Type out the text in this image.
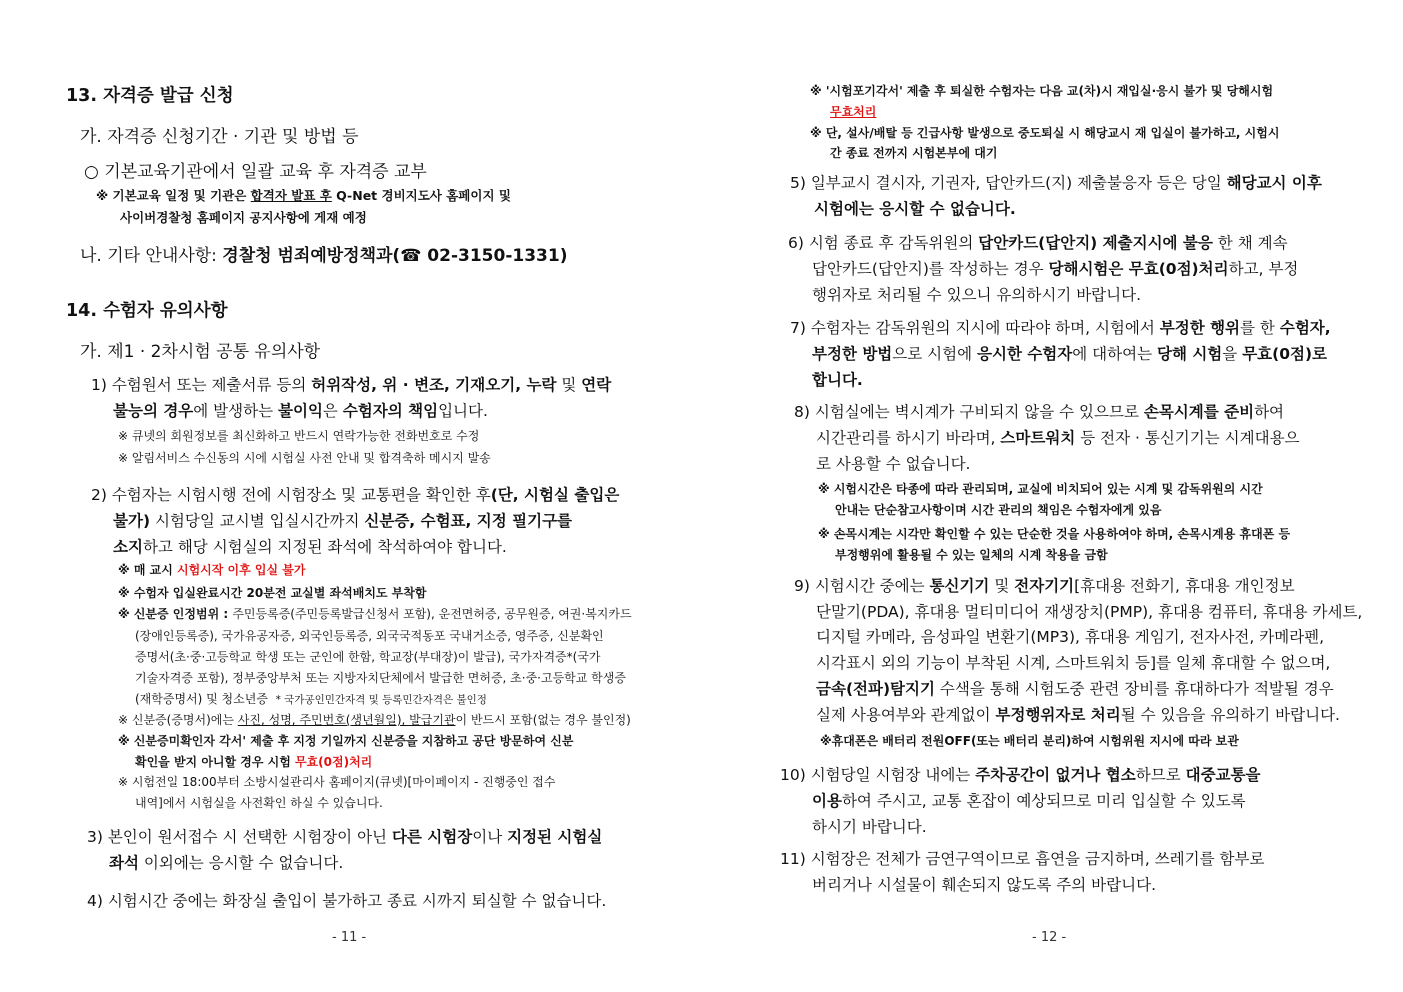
13. 자격증 발급 신청
가. 자격증 신청기간 · 기관 및 방법 등
○ 기본교육기관에서 일괄 교육 후 자격증 교부
※ 기본교육 일정 및 기관은 합격자 발표 후 Q-Net 경비지도사 홈페이지 및
사이버경찰청 홈페이지 공지사항에 게재 예정
나. 기타 안내사항: 경찰청 범죄예방정책과(☎ 02-3150-1331)
14. 수험자 유의사항
가. 제1 · 2차시험 공통 유의사항
1) 수험원서 또는 제출서류 등의 허위작성, 위 · 변조, 기재오기, 누락 및 연락
불능의 경우에 발생하는 불이익은 수험자의 책임입니다.
※ 큐넷의 회원정보를 최신화하고 반드시 연락가능한 전화번호로 수정
※ 알림서비스 수신동의 시에 시험실 사전 안내 및 합격축하 메시지 발송
2) 수험자는 시험시행 전에 시험장소 및 교통편을 확인한 후(단, 시험실 출입은
불가) 시험당일 교시별 입실시간까지 신분증, 수험표, 지정 필기구를
소지하고 해당 시험실의 지정된 좌석에 착석하여야 합니다.
※ 매 교시 시험시작 이후 입실 불가
※ 수험자 입실완료시간 20분전 교실별 좌석배치도 부착함
※ 신분증 인정범위 : 주민등록증(주민등록발급신청서 포함), 운전면허증, 공무원증, 여권·복지카드
(장애인등록증), 국가유공자증, 외국인등록증, 외국국적동포 국내거소증, 영주증, 신분확인
증명서(초·중·고등학교 학생 또는 군인에 한함, 학교장(부대장)이 발급), 국가자격증*(국가
기술자격증 포함), 정부중앙부처 또는 지방자치단체에서 발급한 면허증, 초·중·고등학교 학생증
(재학증명서) 및 청소년증 * 국가공인민간자격 및 등록민간자격은 불인정
※ 신분증(증명서)에는 사진, 성명, 주민번호(생년월일), 발급기관이 반드시 포함(없는 경우 불인정)
※ 신분증미확인자 각서' 제출 후 지정 기일까지 신분증을 지참하고 공단 방문하여 신분
확인을 받지 아니할 경우 시험 무효(0점)처리
※ 시험전일 18:00부터 소방시설관리사 홈페이지(큐넷)[마이페이지 - 진행중인 접수
내역]에서 시험실을 사전확인 하실 수 있습니다.
3) 본인이 원서접수 시 선택한 시험장이 아닌 다른 시험장이나 지정된 시험실
좌석 이외에는 응시할 수 없습니다.
4) 시험시간 중에는 화장실 출입이 불가하고 종료 시까지 퇴실할 수 없습니다.
- 11 -
※ '시험포기각서' 제출 후 퇴실한 수험자는 다음 교(차)시 재입실·응시 불가 및 당해시험
무효처리
※ 단, 설사/배탈 등 긴급사항 발생으로 중도퇴실 시 해당교시 재 입실이 불가하고, 시험시
간 종료 전까지 시험본부에 대기
5) 일부교시 결시자, 기권자, 답안카드(지) 제출불응자 등은 당일 해당교시 이후
시험에는 응시할 수 없습니다.
6) 시험 종료 후 감독위원의 답안카드(답안지) 제출지시에 불응 한 채 계속
답안카드(답안지)를 작성하는 경우 당해시험은 무효(0점)처리하고, 부정
행위자로 처리될 수 있으니 유의하시기 바랍니다.
7) 수험자는 감독위원의 지시에 따라야 하며, 시험에서 부정한 행위를 한 수험자,
부정한 방법으로 시험에 응시한 수험자에 대하여는 당해 시험을 무효(0점)로
합니다.
8) 시험실에는 벽시계가 구비되지 않을 수 있으므로 손목시계를 준비하여
시간관리를 하시기 바라며, 스마트워치 등 전자 · 통신기기는 시계대용으
로 사용할 수 없습니다.
※ 시험시간은 타종에 따라 관리되며, 교실에 비치되어 있는 시계 및 감독위원의 시간
안내는 단순참고사항이며 시간 관리의 책임은 수험자에게 있음
※ 손목시계는 시각만 확인할 수 있는 단순한 것을 사용하여야 하며, 손목시계용 휴대폰 등
부정행위에 활용될 수 있는 일체의 시계 착용을 금함
9) 시험시간 중에는 통신기기 및 전자기기[휴대용 전화기, 휴대용 개인정보
단말기(PDA), 휴대용 멀티미디어 재생장치(PMP), 휴대용 컴퓨터, 휴대용 카세트,
디지털 카메라, 음성파일 변환기(MP3), 휴대용 게임기, 전자사전, 카메라펜,
시각표시 외의 기능이 부착된 시계, 스마트워치 등]를 일체 휴대할 수 없으며,
금속(전파)탐지기 수색을 통해 시험도중 관련 장비를 휴대하다가 적발될 경우
실제 사용여부와 관계없이 부정행위자로 처리될 수 있음을 유의하기 바랍니다.
※휴대폰은 배터리 전원OFF(또는 배터리 분리)하여 시험위원 지시에 따라 보관
10) 시험당일 시험장 내에는 주차공간이 없거나 협소하므로 대중교통을
이용하여 주시고, 교통 혼잡이 예상되므로 미리 입실할 수 있도록
하시기 바랍니다.
11) 시험장은 전체가 금연구역이므로 흡연을 금지하며, 쓰레기를 함부로
버리거나 시설물이 훼손되지 않도록 주의 바랍니다.
- 12 -
